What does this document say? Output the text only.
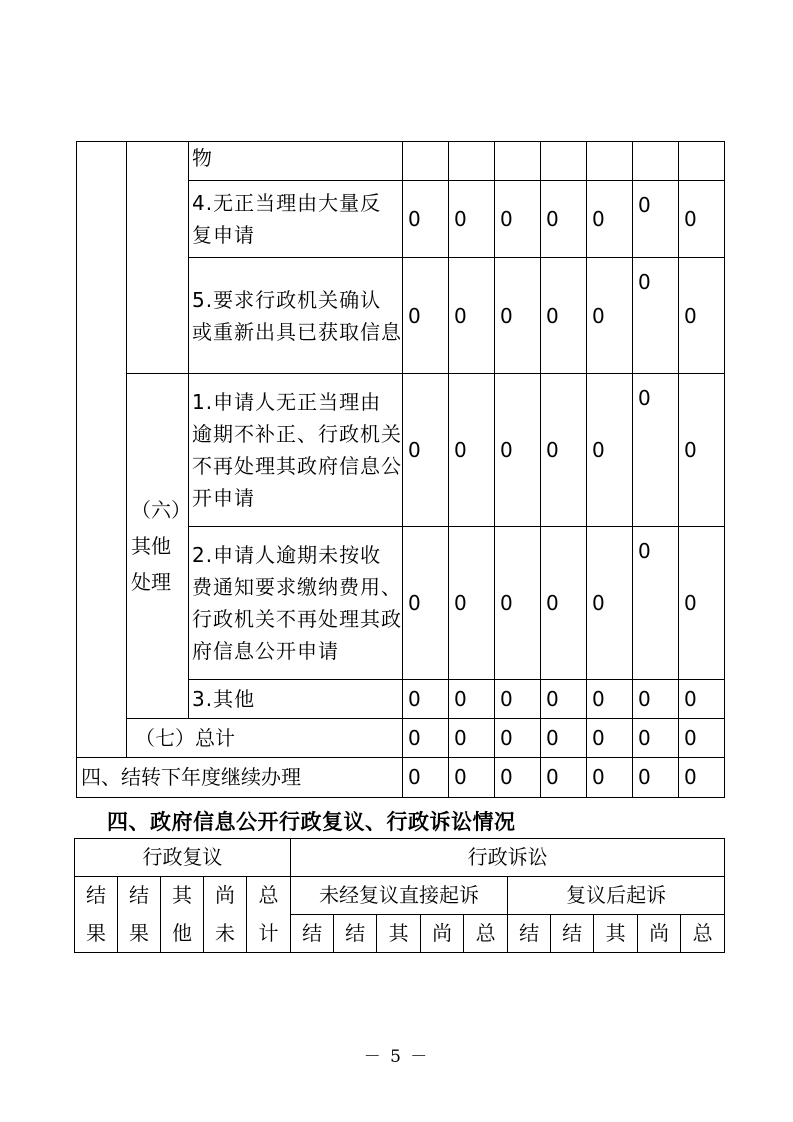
		物							
		4.无正当理由大量反复申请	0	0	0	0	0	0	0
		5.要求行政机关确认或重新出具已获取信息	0	0	0	0	0	0	0
	（六）其他处理	1.申请人无正当理由逾期不补正、行政机关不再处理其政府信息公开申请	0	0	0	0	0	0	0
		2.申请人逾期未按收费通知要求缴纳费用、行政机关不再处理其政府信息公开申请	0	0	0	0	0	0	0
		3.其他	0	0	0	0	0	0	0
	（七）总计		0	0	0	0	0	0	0
四、结转下年度继续办理	0	0	0	0	0	0	0
四、政府信息公开行政复议、行政诉讼情况
行政复议					行政诉讼									
结	结	其	尚	总	未经复议直接起诉					复议后起诉				
果	果	他	未	计	结	结	其	尚	总	结	结	其	尚	总
－ 5 －
